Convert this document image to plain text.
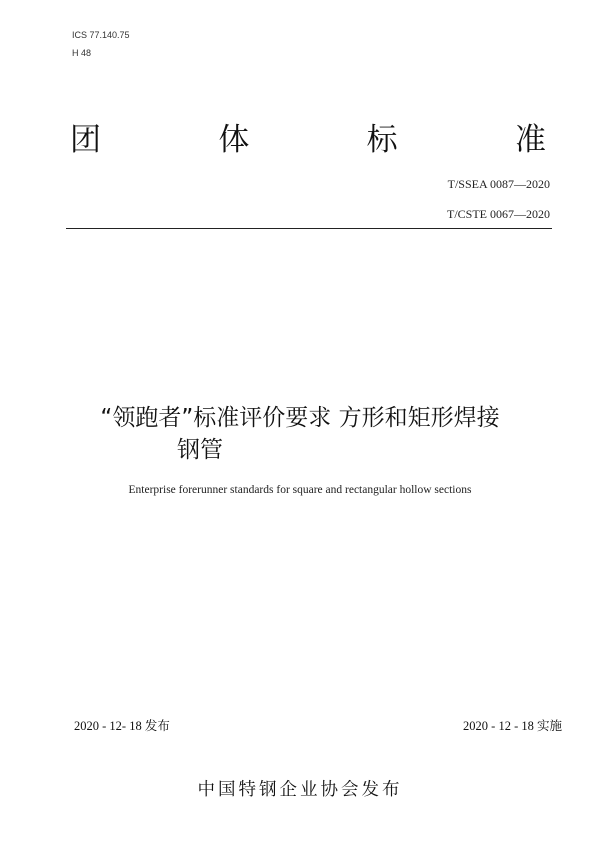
ICS 77.140.75
H 48
团	体	标	准
T/SSEA 0087—2020
T/CSTE 0067—2020
“领跑者”标准评价要求 方形和矩形焊接
钢管
Enterprise forerunner standards for square and rectangular hollow sections
2020 - 12- 18 发布	2020 - 12 - 18 实施
中国特钢企业协会发布
